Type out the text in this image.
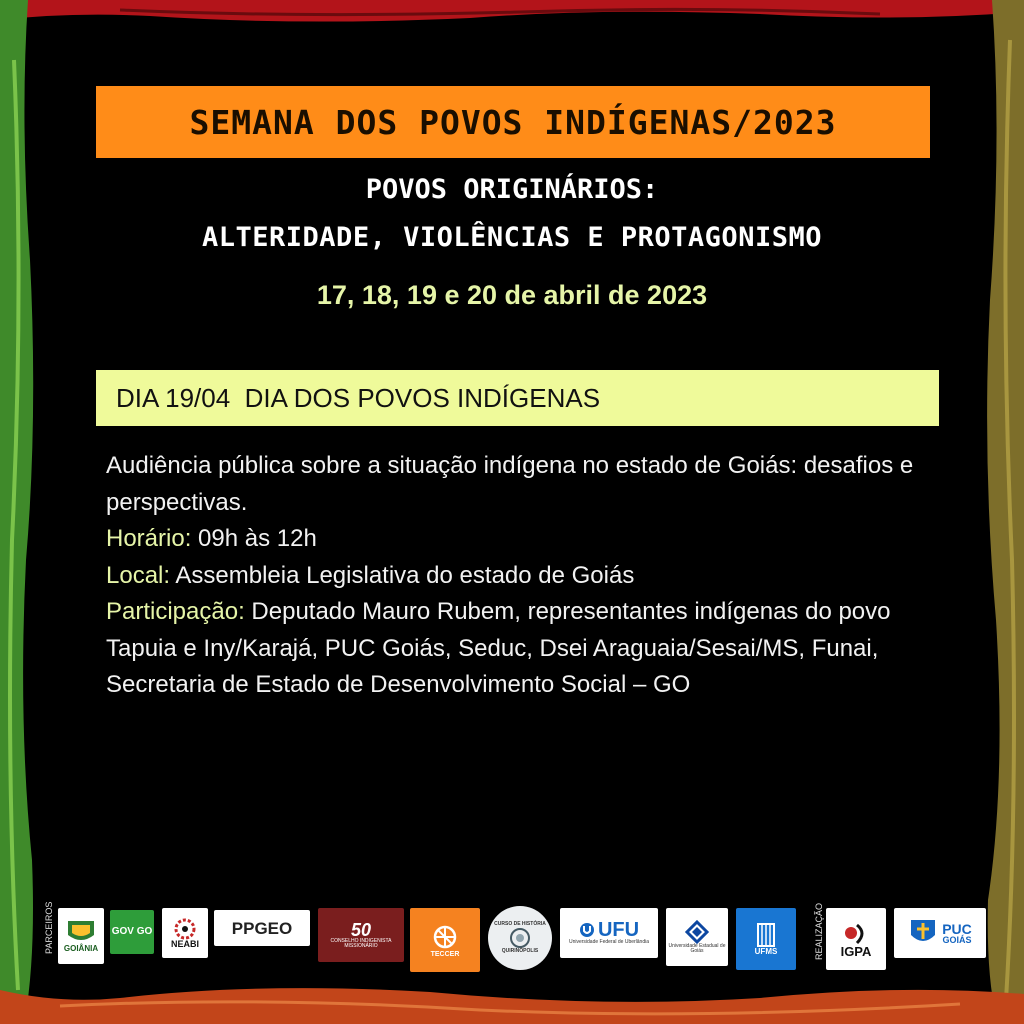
SEMANA DOS POVOS INDÍGENAS/2023
POVOS ORIGINÁRIOS:
ALTERIDADE, VIOLÊNCIAS E PROTAGONISMO
17, 18, 19 e 20 de abril de 2023
DIA 19/04  DIA DOS POVOS INDÍGENAS
Audiência pública sobre a situação indígena no estado de Goiás: desafios e perspectivas.
Horário: 09h às 12h
Local: Assembleia Legislativa do estado de Goiás
Participação: Deputado Mauro Rubem, representantes indígenas do povo Tapuia e Iny/Karajá, PUC Goiás, Seduc, Dsei Araguaia/Sesai/MS, Funai, Secretaria de Estado de Desenvolvimento Social – GO
PARCEIROS GOIÂNIA
GOV GO
NEABI
PPGEO	50
CONSELHO INDIGENISTA MISSIONÁRIO
TECCER
CURSO DE HISTÓRIA
QUIRINÓPOLIS
UFU
Universidade Federal de Uberlândia
Universidade Estadual de Goiás	UFMS	REALIZAÇÃO IGPA
PUC
GOIÁS
